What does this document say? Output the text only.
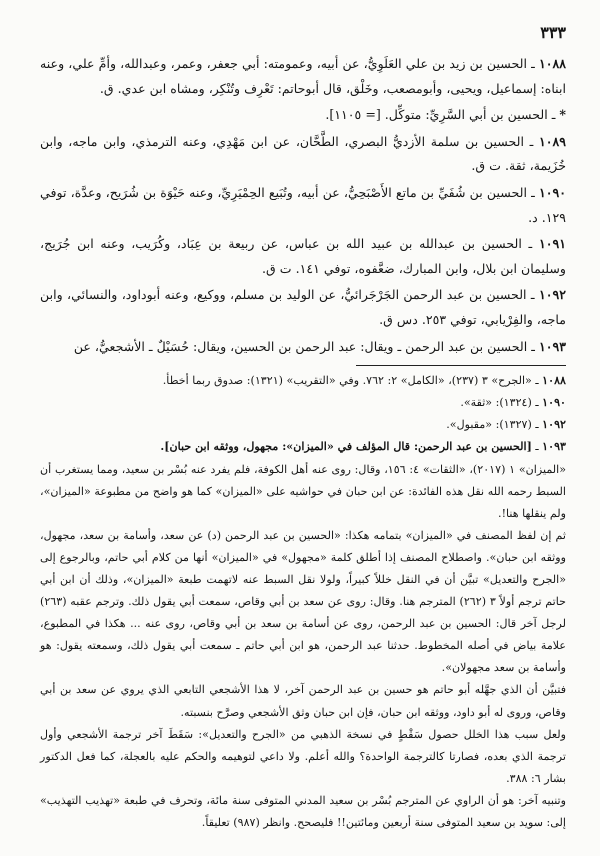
٣٣٣

١٠٨٨ ـ الحسين بن زيد بن علي العَلَوِيُّ، عن أبيه، وعمومته: أبي جعفر، وعمر، وعبدالله، وأمِّ علي، وعنه ابناه: إسماعيل، ويحيى، وأبومصعب، وخَلْق، قال أبوحاتم: تَعْرِف وتُنْكِر، ومشاه ابن عدي. ق.

* ـ الحسين بن أبي السَّرِيِّ: متوكِّل. [= ١١٠٥].

١٠٨٩ ـ الحسين بن سلمة الأزديُّ البصري، الطَّحَّان، عن ابن مَهْدِي، وعنه الترمذي، وابن ماجه، وابن خُزَيمة، ثقة. ت ق.

١٠٩٠ ـ الحسين بن شُفَيِّ بن ماتع الأَصْبَحِيُّ، عن أبيه، وتُبَيع الحِمْيَرِيِّ، وعنه حَيْوَة بن شُرَيح، وعدَّة، توفي ١٢٩. د.

١٠٩١ ـ الحسين بن عبدالله بن عبيد الله بن عباس، عن ربيعة بن عِبَاد، وكُرَيب، وعنه ابن جُرَيج، وسليمان ابن بلال، وابن المبارك، ضعَّفوه، توفي ١٤١. ت ق.

١٠٩٢ ـ الحسين بن عبد الرحمن الجَرْجَرائيُّ، عن الوليد بن مسلم، ووكيع، وعنه أبوداود، والنسائي، وابن ماجه، والفِرْيابي، توفي ٢٥٣. دس ق.

١٠٩٣ ـ الحسين بن عبد الرحمن ـ ويقال: عبد الرحمن بن الحسين، ويقال: حُسَيْلٌ ـ الأشجعيُّ، عن

١٠٨٨ ـ «الجرح» ٣ (٢٣٧)، «الكامل» ٢: ٧٦٢. وفي «التقريب» (١٣٢١): صدوق ربما أخطأ.

١٠٩٠ ـ (١٣٢٤): «ثقة».

١٠٩٢ ـ (١٣٢٧): «مقبول».

١٠٩٣ ـ [الحسين بن عبد الرحمن: قال المؤلف في «الميزان»: مجهول، ووثقه ابن حبان].

«الميزان» ١ (٢٠١٧)، «الثقات» ٤: ١٥٦، وقال: روى عنه أهل الكوفة، فلم يفرد عنه بُسْر بن سعيد، ومما يستغرب أن السبط رحمه الله نقل هذه الفائدة: عن ابن حبان في حواشيه على «الميزان» كما هو واضح من مطبوعة «الميزان»، ولم ينقلها هنا!.

ثم إن لفظ المصنف في «الميزان» بتمامه هكذا: «الحسين بن عبد الرحمن (د) عن سعد، وأسامة بن سعد، مجهول، ووثقه ابن حبان». واصطلاح المصنف إذا أطلق كلمة «مجهول» في «الميزان» أنها من كلام أبي حاتم، وبالرجوع إلى «الجرح والتعديل» تبيَّن أن في النقل خللاً كبيراً، ولولا نقل السبط عنه لاتهمت طبعة «الميزان»، وذلك أن ابن أبي حاتم ترجم أولاً ٣ (٢٦٢) المترجم هنا. وقال: روى عن سعد بن أبي وقاص، سمعت أبي يقول ذلك. وترجم عقبه (٢٦٣) لرجل آخر قال: الحسين بن عبد الرحمن، روى عن أسامة بن سعد بن أبي وقاص، روى عنه ... هكذا في المطبوع، علامة بياض في أصله المخطوط. حدثنا عبد الرحمن، هو ابن أبي حاتم ـ سمعت أبي يقول ذلك، وسمعته يقول: هو وأسامة بن سعد مجهولان».

فتبيَّن أن الذي جهَّله أبو حاتم هو حسين بن عبد الرحمن آخر، لا هذا الأشجعي التابعي الذي يروي عن سعد بن أبي وقاص، وروى له أبو داود، ووثقه ابن حبان، فإن ابن حبان وثق الأشجعي وصرَّح بنسبته.

ولعل سبب هذا الخلل حصول سَقْطٍ في نسخة الذهبي من «الجرح والتعديل»: سَقَطَ آخر ترجمة الأشجعي وأول ترجمة الذي بعده، فصارتا كالترجمة الواحدة؟ والله أعلم. ولا داعي لتوهيمه والحكم عليه بالعجلة، كما فعل الدكتور بشار ٦: ٣٨٨.

وتنبيه آخر: هو أن الراوي عن المترجم بُسْر بن سعيد المدني المتوفى سنة مائة، وتحرف في طبعة «تهذيب التهذيب» إلى: سويد بن سعيد المتوفى سنة أربعين ومائتين!! فليصحح. وانظر (٩٨٧) تعليقاً.
